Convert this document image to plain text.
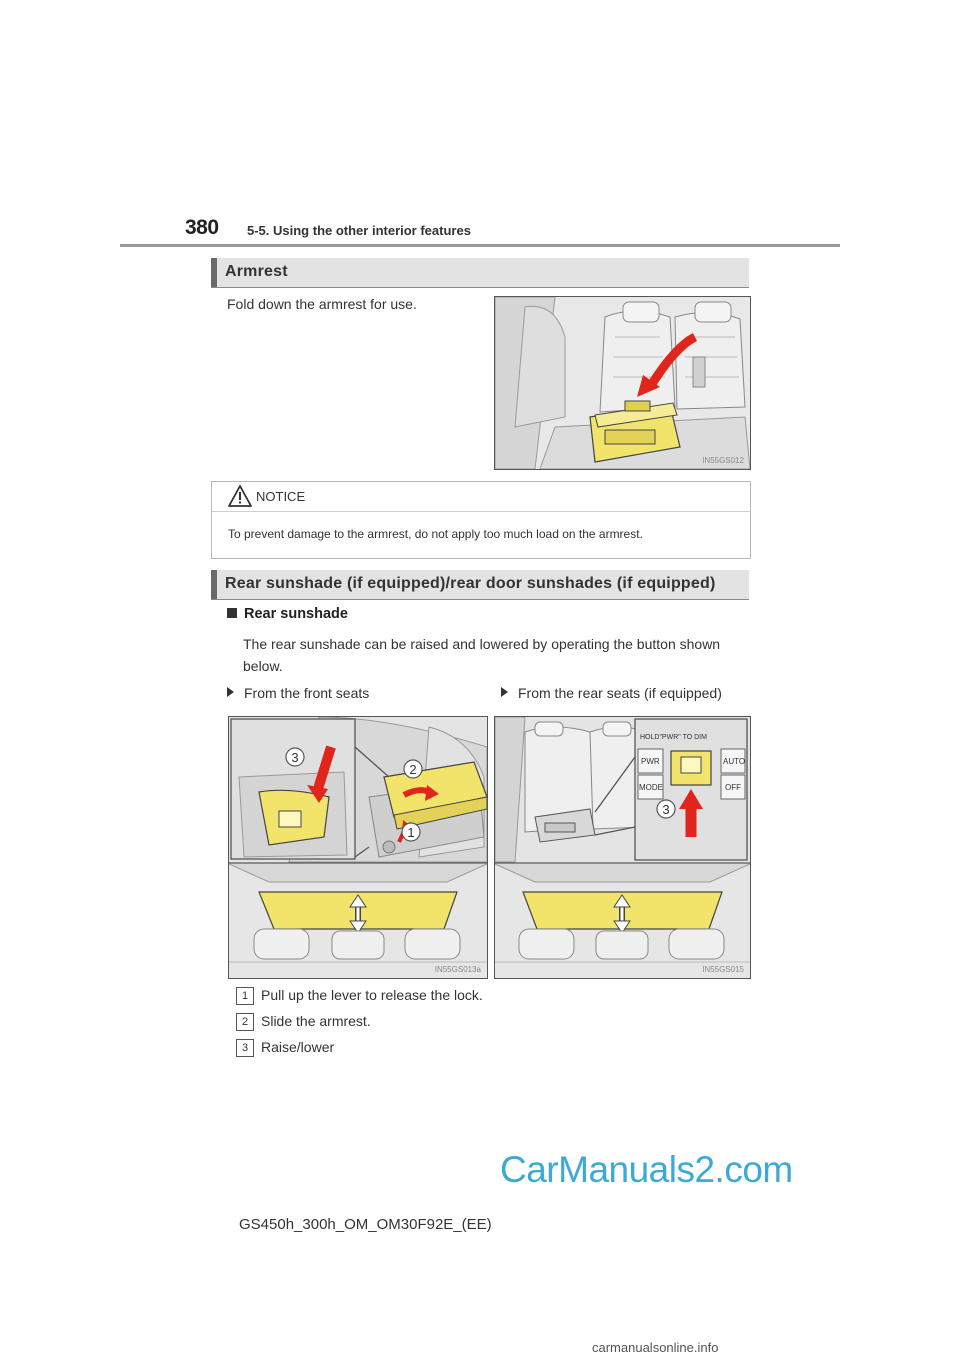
380 5-5. Using the other interior features
Armrest
Fold down the armrest for use.
IN55GS012
NOTICE
To prevent damage to the armrest, do not apply too much load on the armrest.
Rear sunshade (if equipped)/rear door sunshades (if equipped)
Rear sunshade
The rear sunshade can be raised and lowered by operating the button shown below.
From the front seats	From the rear seats (if equipped)
3
2
1
IN55GS013a
HOLD"PWR" TO DIM
PWR
MODE
AUTO
OFF
3
IN55GS015
1 Pull up the lever to release the lock.
2 Slide the armrest.
3 Raise/lower
CarManuals2.com
GS450h_300h_OM_OM30F92E_(EE)
carmanualsonline.info
